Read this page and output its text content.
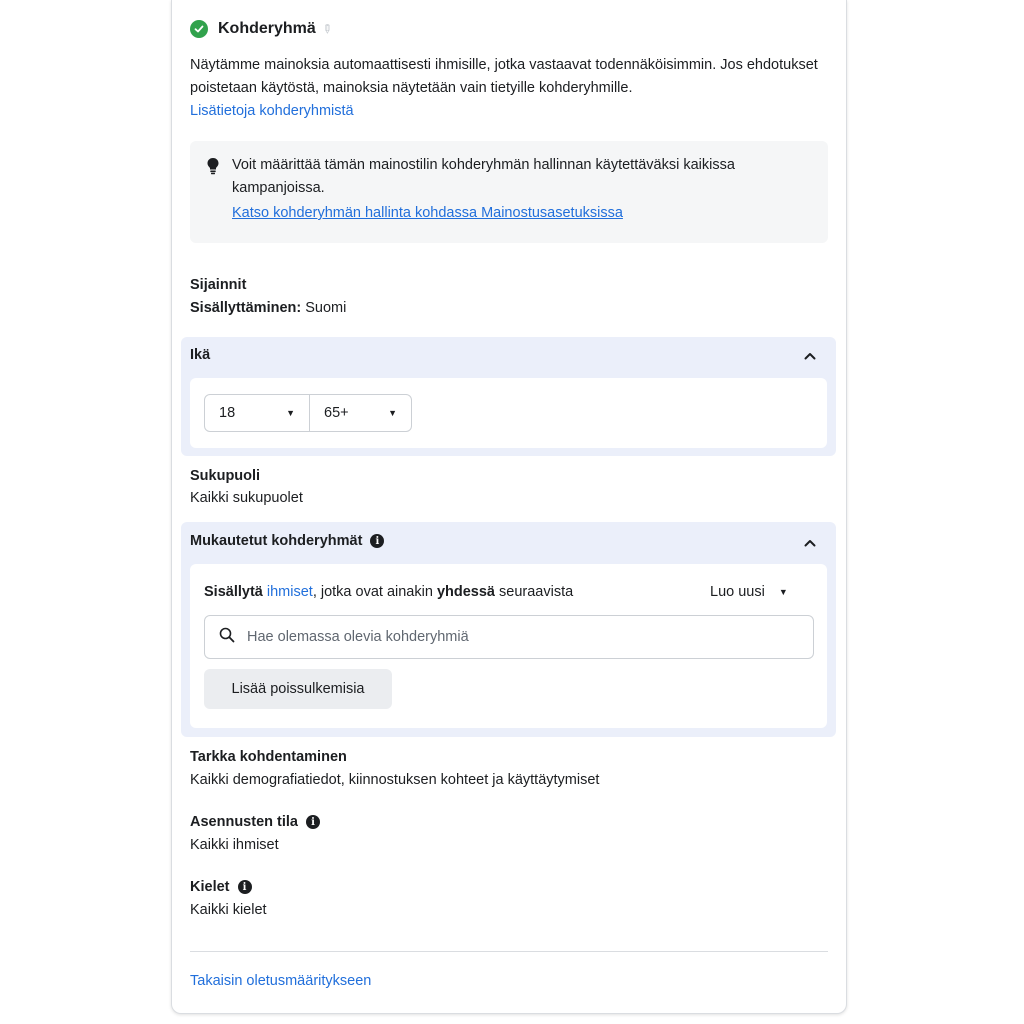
Kohderyhmä ✎
Näytämme mainoksia automaattisesti ihmisille, jotka vastaavat todennäköisimmin. Jos ehdotukset poistetaan käytöstä, mainoksia näytetään vain tietyille kohderyhmille.
Lisätietoja kohderyhmistä
Voit määrittää tämän mainostilin kohderyhmän hallinnan käytettäväksi kaikissa kampanjoissa.
Katso kohderyhmän hallinta kohdassa Mainostusasetuksissa
Sijainnit
Sisällyttäminen: Suomi
Ikä
18	▼ 65+	▼
Sukupuoli
Kaikki sukupuolet
Mukautetut kohderyhmät	i
Sisällytä ihmiset, jotka ovat ainakin yhdessä seuraavista	Luo uusi ▼
Hae olemassa olevia kohderyhmiä
Lisää poissulkemisia
Tarkka kohdentaminen
Kaikki demografiatiedot, kiinnostuksen kohteet ja käyttäytymiset
Asennusten tila	i
Kaikki ihmiset
Kielet	i
Kaikki kielet
Takaisin oletusmääritykseen
